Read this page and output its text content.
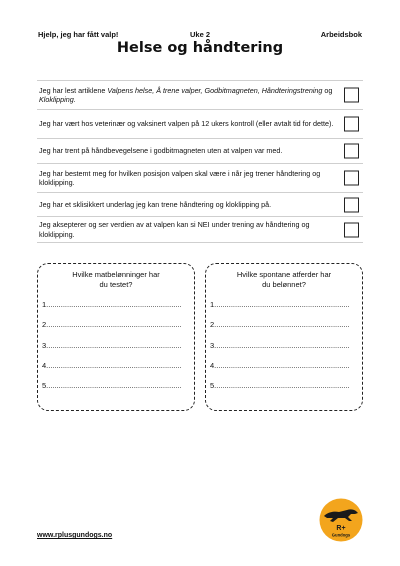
Hjelp, jeg har fått valp!	Uke 2	Arbeidsbok
Helse og håndtering
Jeg har lest artiklene Valpens helse, Å trene valper, Godbitmagneten, Håndteringstrening og Kloklipping.
Jeg har vært hos veterinær og vaksinert valpen på 12 ukers kontroll (eller avtalt tid for dette).
Jeg har trent på håndbevegelsene i godbitmagneten uten at valpen var med.
Jeg har bestemt meg for hvilken posisjon valpen skal være i når jeg trener håndtering og kloklipping.
Jeg har et sklisikkert underlag jeg kan trene håndtering og kloklipping på.
Jeg aksepterer og ser verdien av at valpen kan si NEI under trening av håndtering og kloklipping.
Hvilke matbelønninger har
du testet?
1.................................................................
2.................................................................
3.................................................................
4.................................................................
5.................................................................
Hvilke spontane atferder har
du belønnet?
1.................................................................
2.................................................................
3.................................................................
4.................................................................
5.................................................................
www.rplusgundogs.no
R+
Gundogs
